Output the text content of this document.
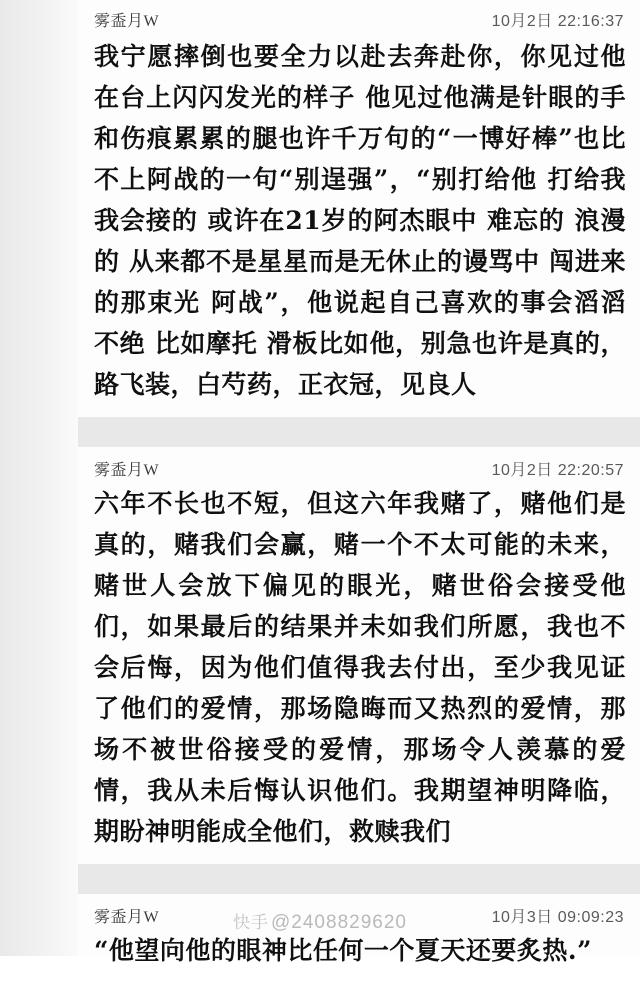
雾盉月W	10月2日 22:16:37
我宁愿摔倒也要全力以赴去奔赴你，你见过他在台上闪闪发光的样子 他见过他满是针眼的手和伤痕累累的腿也许千万句的“一博好棒”也比不上阿战的一句“别逞强”，“别打给他 打给我 我会接的 或许在21岁的阿杰眼中 难忘的 浪漫的 从来都不是星星而是无休止的谩骂中 闯进来的那束光 阿战”，他说起自己喜欢的事会滔滔不绝 比如摩托 滑板比如他，别急也许是真的，路飞装，白芍药，正衣冠，见良人
雾盉月W	10月2日 22:20:57
六年不长也不短，但这六年我赌了，赌他们是真的，赌我们会赢，赌一个不太可能的未来，赌世人会放下偏见的眼光，赌世俗会接受他们，如果最后的结果并未如我们所愿，我也不会后悔，因为他们值得我去付出，至少我见证了他们的爱情，那场隐晦而又热烈的爱情，那场不被世俗接受的爱情，那场令人羡慕的爱情，我从未后悔认识他们。我期望神明降临，期盼神明能成全他们，救赎我们
雾盉月W	10月3日 09:09:23
“他望向他的眼神比任何一个夏天还要炙热.”
快手 @2408829620
